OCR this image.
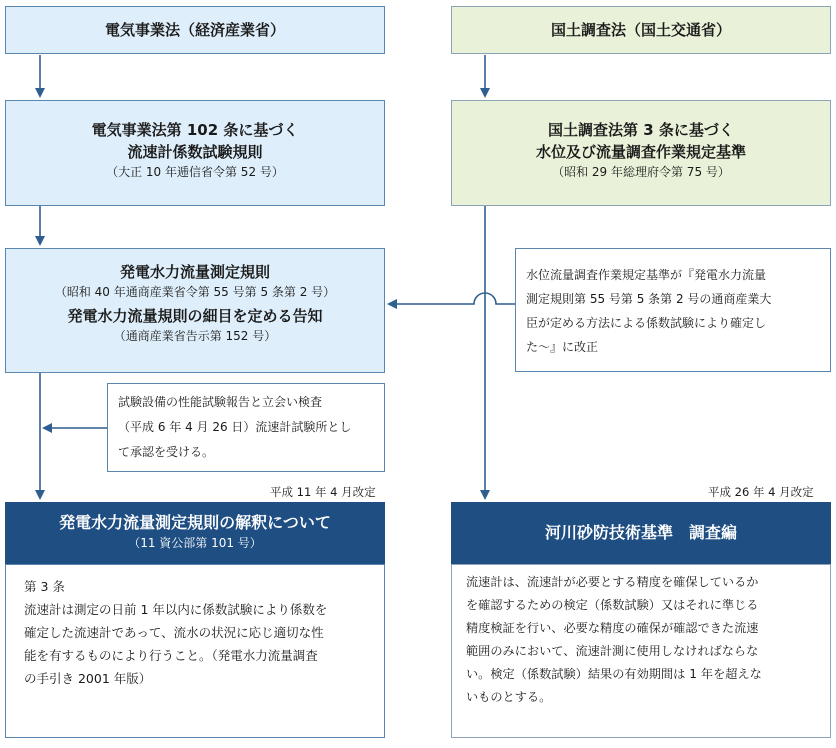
電気事業法（経済産業省）
電気事業法第 102 条に基づく
流速計係数試験規則
（大正 10 年逓信省令第 52 号）
発電水力流量測定規則
（昭和 40 年通商産業省令第 55 号第 5 条第 2 号）
発電水力流量規則の細目を定める告知
（通商産業省告示第 152 号）
試験設備の性能試験報告と立会い検査
（平成 6 年 4 月 26 日）流速計試験所とし
て承認を受ける。
平成 11 年 4 月改定
発電水力流量測定規則の解釈について
（11 資公部第 101 号）
第 3 条
流速計は測定の日前 1 年以内に係数試験により係数を
確定した流速計であって、流水の状況に応じ適切な性
能を有するものにより行うこと。（発電水力流量調査
の手引き 2001 年版）
国土調査法（国土交通省）
国土調査法第 3 条に基づく
水位及び流量調査作業規定基準
（昭和 29 年総理府令第 75 号）
水位流量調査作業規定基準が『発電水力流量
測定規則第 55 号第 5 条第 2 号の通商産業大
臣が定める方法による係数試験により確定し
た〜』に改正
平成 26 年 4 月改定
河川砂防技術基準　調査編
流速計は、流速計が必要とする精度を確保しているか
を確認するための検定（係数試験）又はそれに準じる
精度検証を行い、必要な精度の確保が確認できた流速
範囲のみにおいて、流速計測に使用しなければならな
い。検定（係数試験）結果の有効期間は 1 年を超えな
いものとする。
